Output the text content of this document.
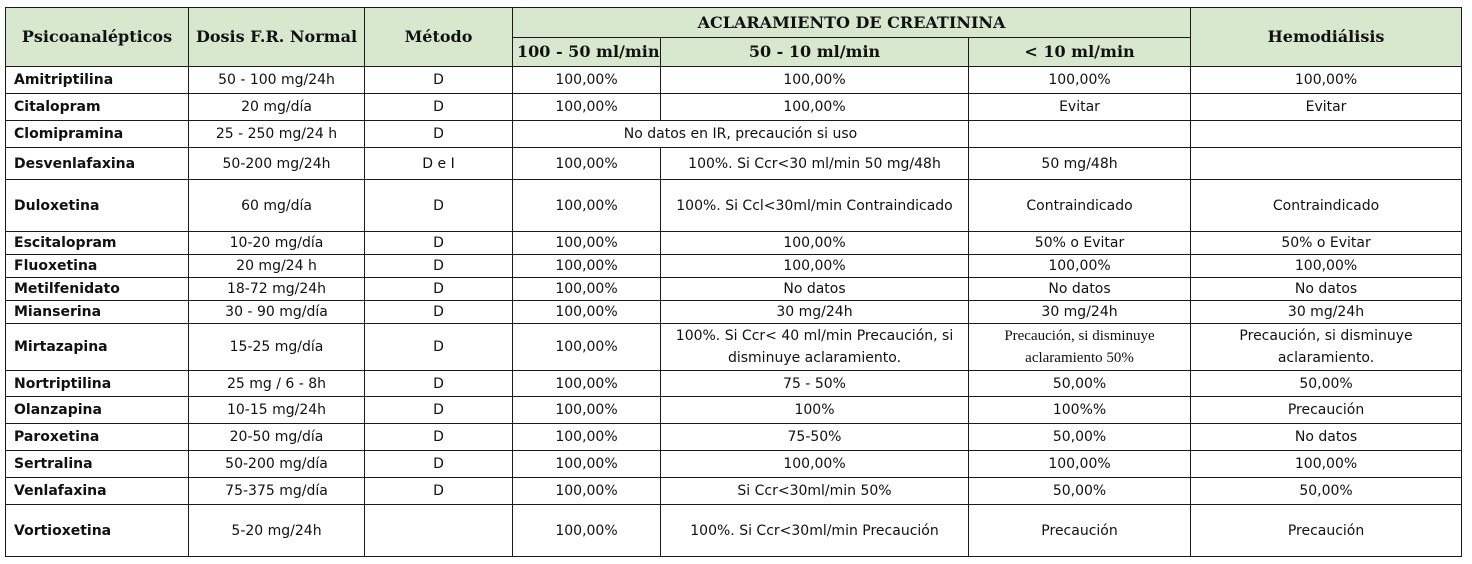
Psicoanalépticos	Dosis F.R. Normal	Método	ACLARAMIENTO DE CREATININA			Hemodiálisis
			100 - 50 ml/min	50 - 10 ml/min	< 10 ml/min	
Amitriptilina	50 - 100 mg/24h	D	100,00%	100,00%	100,00%	100,00%
Citalopram	20 mg/día	D	100,00%	100,00%	Evitar	Evitar
Clomipramina	25 - 250 mg/24 h	D	No datos en IR, precaución si uso			
Desvenlafaxina	50-200 mg/24h	D e I	100,00%	100%. Si Ccr<30 ml/min 50 mg/48h	50 mg/48h	
Duloxetina	60 mg/día	D	100,00%	100%. Si Ccl<30ml/min Contraindicado	Contraindicado	Contraindicado
Escitalopram	10-20 mg/día	D	100,00%	100,00%	50% o Evitar	50% o Evitar
Fluoxetina	20 mg/24 h	D	100,00%	100,00%	100,00%	100,00%
Metilfenidato	18-72 mg/24h	D	100,00%	No datos	No datos	No datos
Mianserina	30 - 90 mg/día	D	100,00%	30 mg/24h	30 mg/24h	30 mg/24h
Mirtazapina	15-25 mg/día	D	100,00%	100%. Si Ccr< 40 ml/min Precaución, si disminuye aclaramiento.	Precaución, si disminuye aclaramiento 50%	Precaución, si disminuye aclaramiento.
Nortriptilina	25 mg / 6 - 8h	D	100,00%	75 - 50%	50,00%	50,00%
Olanzapina	10-15 mg/24h	D	100,00%	100%	100%%	Precaución
Paroxetina	20-50 mg/día	D	100,00%	75-50%	50,00%	No datos
Sertralina	50-200 mg/día	D	100,00%	100,00%	100,00%	100,00%
Venlafaxina	75-375 mg/día	D	100,00%	Si Ccr<30ml/min 50%	50,00%	50,00%
Vortioxetina	5-20 mg/24h		100,00%	100%. Si Ccr<30ml/min Precaución	Precaución	Precaución
